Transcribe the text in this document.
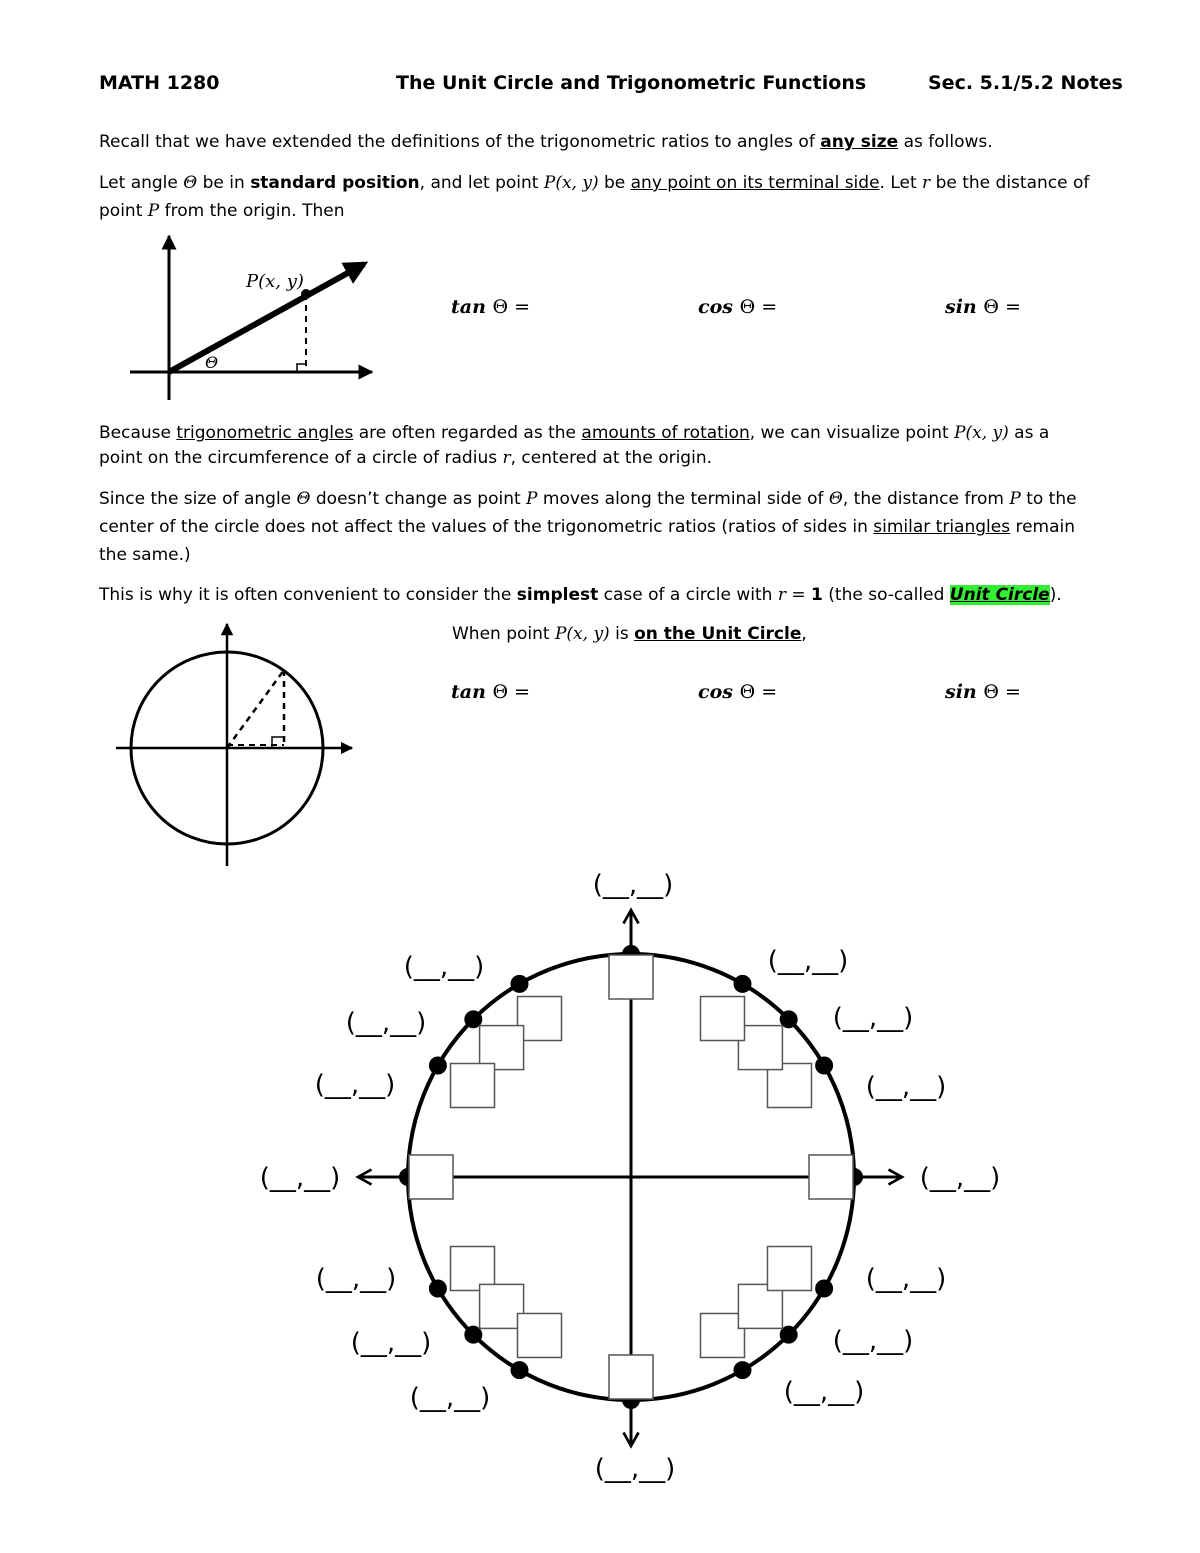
MATH 1280	The Unit Circle and Trigonometric Functions	Sec. 5.1/5.2 Notes
Recall that we have extended the definitions of the trigonometric ratios to angles of any size as follows.
Let angle Θ be in standard position, and let point P(x, y) be any point on its terminal side. Let r be the distance of
point P from the origin. Then
tan Θ =	cos Θ =	sin Θ =
Because trigonometric angles are often regarded as the amounts of rotation, we can visualize point P(x, y) as a
point on the circumference of a circle of radius r, centered at the origin.
Since the size of angle Θ doesn’t change as point P moves along the terminal side of Θ, the distance from P to the
center of the circle does not affect the values of the trigonometric ratios (ratios of sides in similar triangles remain
the same.)
This is why it is often convenient to consider the simplest case of a circle with r = 1 (the so-called Unit Circle).
When point P(x, y) is on the Unit Circle,
tan Θ =	cos Θ =	sin Θ =
P(x, y)
Θ
(__,__)
(__,__)
(__,__)
(__,__)
(__,__)
(__,__)
(__,__)
(__,__)
(__,__)
(__,__)
(__,__)
(__,__)
(__,__)
(__,__)
(__,__)
(__,__)
